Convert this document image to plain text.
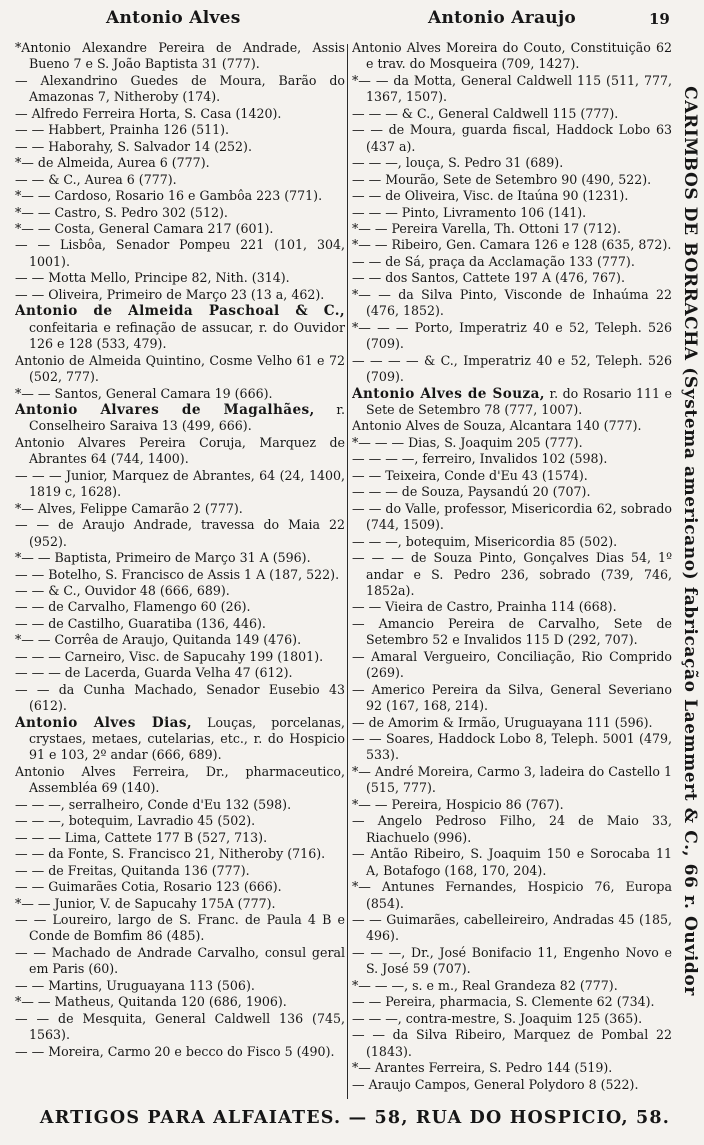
Antonio Alves	Antonio Araujo	19

*Antonio Alexandre Pereira de Andrade, Assis Bueno 7 e S. João Baptista 31 (777).

— Alexandrino Guedes de Moura, Barão do Amazonas 7, Nitheroby (174).

— Alfredo Ferreira Horta, S. Casa (1420).

— — Habbert, Prainha 126 (511).

— — Haborahy, S. Salvador 14 (252).

*— de Almeida, Aurea 6 (777).

— — & C., Aurea 6 (777).

*— — Cardoso, Rosario 16 e Gambôa 223 (771).

*— — Castro, S. Pedro 302 (512).

*— — Costa, General Camara 217 (601).

— — Lisbôa, Senador Pompeu 221 (101, 304, 1001).

— — Motta Mello, Principe 82, Nith. (314).

— — Oliveira, Primeiro de Março 23 (13 a, 462).

Antonio de Almeida Paschoal & C., confeitaria e refinação de assucar, r. do Ouvidor 126 e 128 (533, 479).

Antonio de Almeida Quintino, Cosme Velho 61 e 72 (502, 777).

*— — Santos, General Camara 19 (666).

Antonio Alvares de Magalhães, r. Conselheiro Saraiva 13 (499, 666).

Antonio Alvares Pereira Coruja, Marquez de Abrantes 64 (744, 1400).

— — — Junior, Marquez de Abrantes, 64 (24, 1400, 1819 c, 1628).

*— Alves, Felippe Camarão 2 (777).

— — de Araujo Andrade, travessa do Maia 22 (952).

*— — Baptista, Primeiro de Março 31 A (596).

— — Botelho, S. Francisco de Assis 1 A (187, 522).

— — & C., Ouvidor 48 (666, 689).

— — de Carvalho, Flamengo 60 (26).

— — de Castilho, Guaratiba (136, 446).

*— — Corrêa de Araujo, Quitanda 149 (476).

— — — Carneiro, Visc. de Sapucahy 199 (1801).

— — — de Lacerda, Guarda Velha 47 (612).

— — da Cunha Machado, Senador Eusebio 43 (612).

Antonio Alves Dias, Louças, porcelanas, crystaes, metaes, cutelarias, etc., r. do Hospicio 91 e 103, 2º andar (666, 689).

Antonio Alves Ferreira, Dr., pharmaceutico, Assembléa 69 (140).

— — —, serralheiro, Conde d'Eu 132 (598).

— — —, botequim, Lavradio 45 (502).

— — — Lima, Cattete 177 B (527, 713).

— — da Fonte, S. Francisco 21, Nitheroby (716).

— — de Freitas, Quitanda 136 (777).

— — Guimarães Cotia, Rosario 123 (666).

*— — Junior, V. de Sapucahy 175A (777).

— — Loureiro, largo de S. Franc. de Paula 4 B e Conde de Bomfim 86 (485).

— — Machado de Andrade Carvalho, consul geral em Paris (60).

— — Martins, Uruguayana 113 (506).

*— — Matheus, Quitanda 120 (686, 1906).

— — de Mesquita, General Caldwell 136 (745, 1563).

— — Moreira, Carmo 20 e becco do Fisco 5 (490).

Antonio Alves Moreira do Couto, Constituição 62 e trav. do Mosqueira (709, 1427).

*— — da Motta, General Caldwell 115 (511, 777, 1367, 1507).

— — — & C., General Caldwell 115 (777).

— — de Moura, guarda fiscal, Haddock Lobo 63 (437 a).

— — —, louça, S. Pedro 31 (689).

— — Mourão, Sete de Setembro 90 (490, 522).

— — de Oliveira, Visc. de Itaúna 90 (1231).

— — — Pinto, Livramento 106 (141).

*— — Pereira Varella, Th. Ottoni 17 (712).

*— — Ribeiro, Gen. Camara 126 e 128 (635, 872).

— — de Sá, praça da Acclamação 133 (777).

— — dos Santos, Cattete 197 A (476, 767).

*— — da Silva Pinto, Visconde de Inhaúma 22 (476, 1852).

*— — — Porto, Imperatriz 40 e 52, Teleph. 526 (709).

— — — — & C., Imperatriz 40 e 52, Teleph. 526 (709).

Antonio Alves de Souza, r. do Rosario 111 e Sete de Setembro 78 (777, 1007).

Antonio Alves de Souza, Alcantara 140 (777).

*— — — Dias, S. Joaquim 205 (777).

— — — —, ferreiro, Invalidos 102 (598).

— — Teixeira, Conde d'Eu 43 (1574).

— — — de Souza, Paysandú 20 (707).

— — do Valle, professor, Misericordia 62, sobrado (744, 1509).

— — —, botequim, Misericordia 85 (502).

— — — de Souza Pinto, Gonçalves Dias 54, 1º andar e S. Pedro 236, sobrado (739, 746, 1852a).

— — Vieira de Castro, Prainha 114 (668).

— Amancio Pereira de Carvalho, Sete de Setembro 52 e Invalidos 115 D (292, 707).

— Amaral Vergueiro, Conciliação, Rio Comprido (269).

— Americo Pereira da Silva, General Severiano 92 (167, 168, 214).

— de Amorim & Irmão, Uruguayana 111 (596).

— — Soares, Haddock Lobo 8, Teleph. 5001 (479, 533).

*— André Moreira, Carmo 3, ladeira do Castello 1 (515, 777).

*— — Pereira, Hospicio 86 (767).

— Angelo Pedroso Filho, 24 de Maio 33, Riachuelo (996).

— Antão Ribeiro, S. Joaquim 150 e Sorocaba 11 A, Botafogo (168, 170, 204).

*— Antunes Fernandes, Hospicio 76, Europa (854).

— — Guimarães, cabelleireiro, Andradas 45 (185, 496).

— — —, Dr., José Bonifacio 11, Engenho Novo e S. José 59 (707).

*— — —, s. e m., Real Grandeza 82 (777).

— — Pereira, pharmacia, S. Clemente 62 (734).

— — —, contra-mestre, S. Joaquim 125 (365).

— — da Silva Ribeiro, Marquez de Pombal 22 (1843).

*— Arantes Ferreira, S. Pedro 144 (519).

— Araujo Campos, General Polydoro 8 (522).

CARIMBOS DE BORRACHA (Systema americano) fabricação Laemmert & C., 66 r. Ouvidor
ARTIGOS PARA ALFAIATES. — 58, RUA DO HOSPICIO, 58.
